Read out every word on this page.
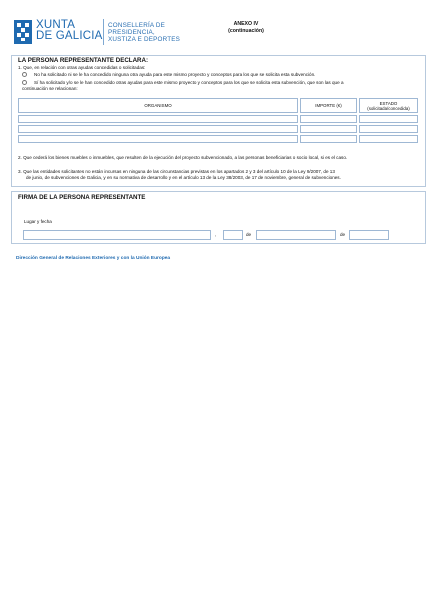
XUNTA
DE GALICIA
CONSELLERÍA DE
PRESIDENCIA,
XUSTIZA E DEPORTES
ANEXO IV
(continuación)
LA PERSONA REPRESENTANTE DECLARA:
1. Que, en relación con otras ayudas concedidas o solicitadas:
No ha solicitado ni se le ha concedido ninguna otra ayuda para este mismo proyecto y conceptos para los que se solicita esta subvención.
Sí ha solicitado y/o se le han concedido otras ayudas para este mismo proyecto y conceptos para los que se solicita esta subvención, que son las que a
continuación se relacionan:
ORGANISMO	IMPORTE (€)	ESTADO (solicitada/concedida)
2. Que cederá los bienes muebles o inmuebles, que resulten de la ejecución del proyecto subvencionado, a las personas beneficiarias o socio local, si es el caso.
3. Que las entidades solicitantes no están incursas en ninguna de las circunstancias previstas en los apartados 2 y 3 del artículo 10 de la Ley 9/2007, de 13
de junio, de subvenciones de Galicia, y en su normativa de desarrollo y en el artículo 13 de la Ley 38/2003, de 17 de noviembre, general de subvenciones.
FIRMA DE LA PERSONA REPRESENTANTE
Lugar y fecha
,	de	de
Dirección General de Relaciones Exteriores y con la Unión Europea
